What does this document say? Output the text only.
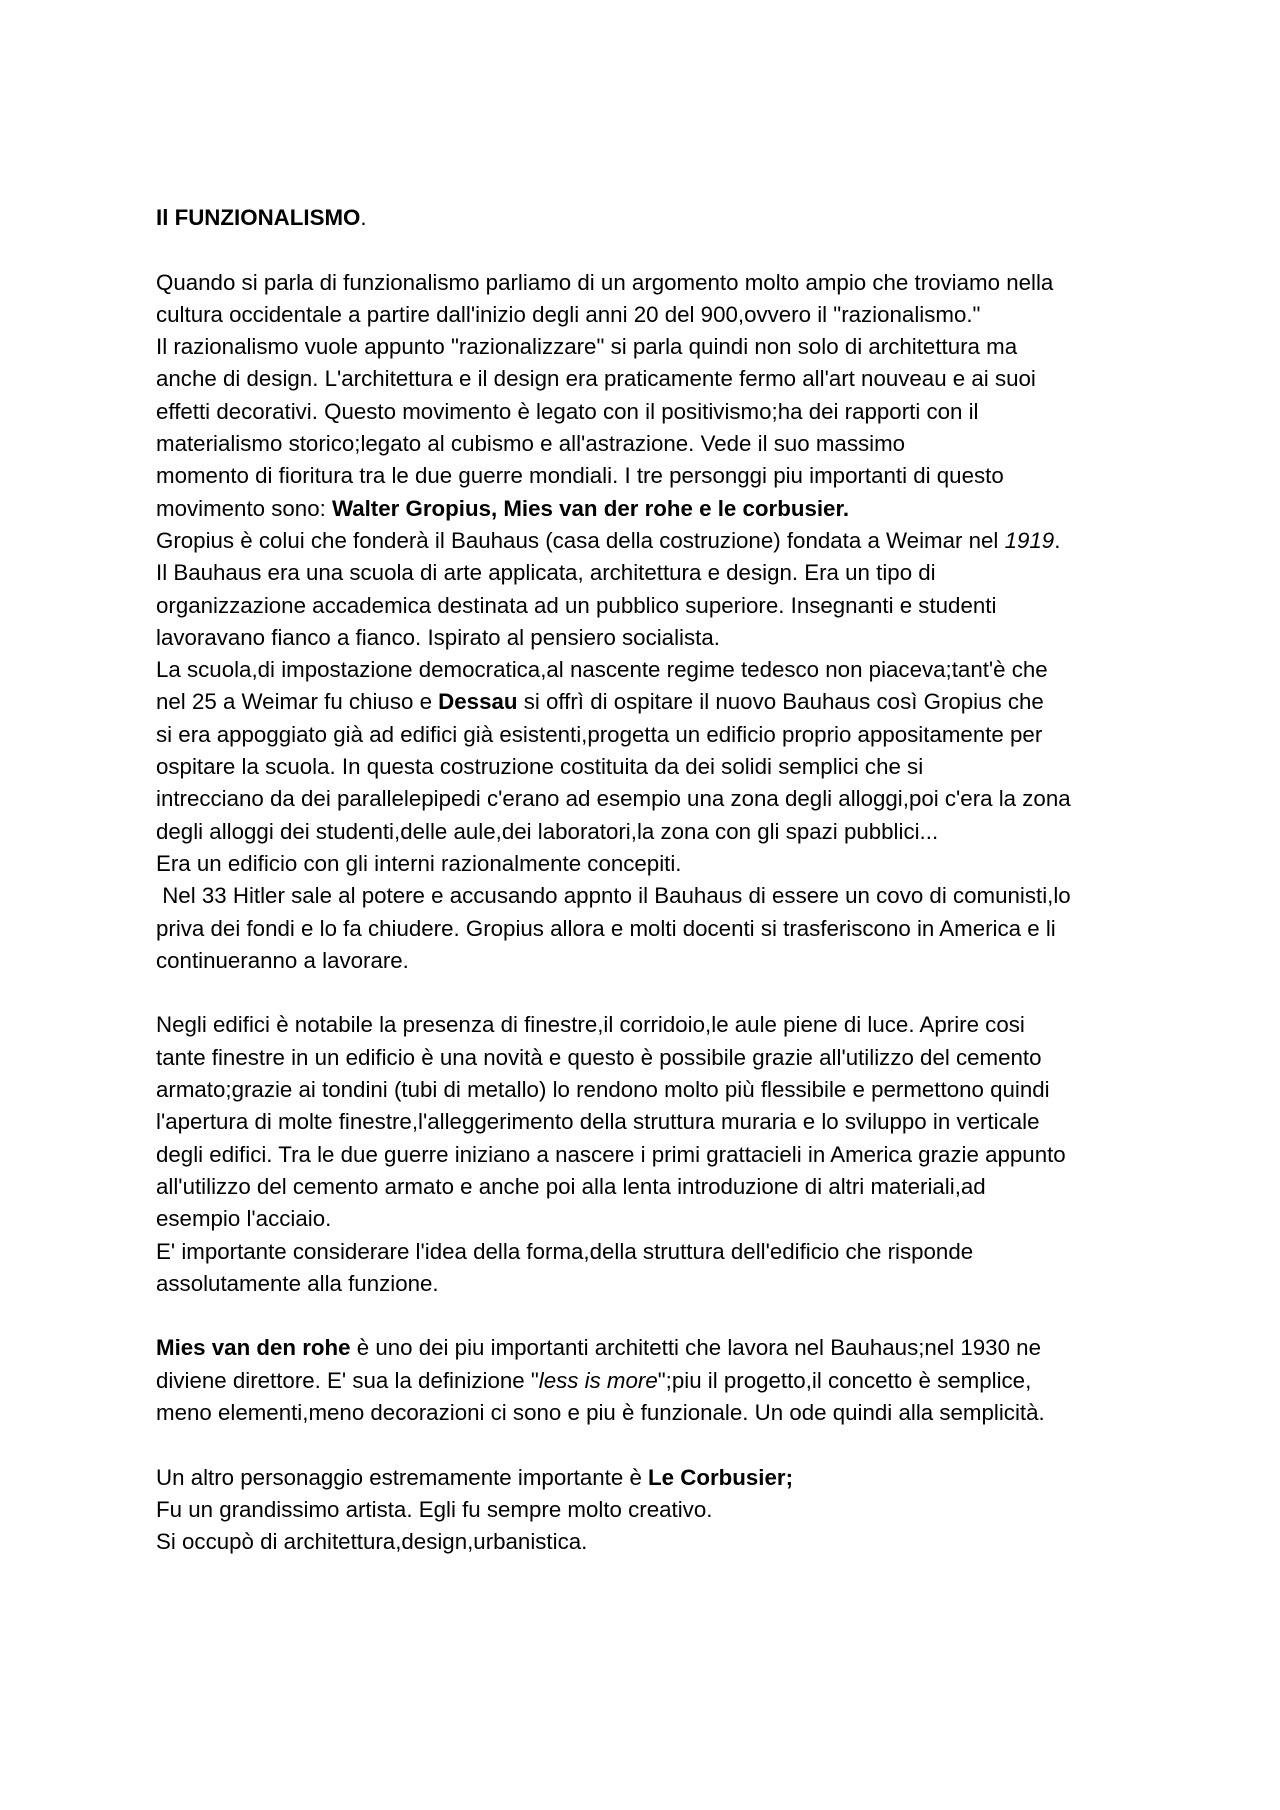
Il FUNZIONALISMO.

Quando si parla di funzionalismo parliamo di un argomento molto ampio che troviamo nella

cultura occidentale a partire dall'inizio degli anni 20 del 900,ovvero il "razionalismo."

Il razionalismo vuole appunto "razionalizzare" si parla quindi non solo di architettura ma

anche di design. L'architettura e il design era praticamente fermo all'art nouveau e ai suoi

effetti decorativi. Questo movimento è legato con il positivismo;ha dei rapporti con il

materialismo storico;legato al cubismo e all'astrazione. Vede il suo massimo

momento di fioritura tra le due guerre mondiali. I tre personggi piu importanti di questo

movimento sono: Walter Gropius, Mies van der rohe e le corbusier.

Gropius è colui che fonderà il Bauhaus (casa della costruzione) fondata a Weimar nel 1919.

Il Bauhaus era una scuola di arte applicata, architettura e design. Era un tipo di

organizzazione accademica destinata ad un pubblico superiore. Insegnanti e studenti

lavoravano fianco a fianco. Ispirato al pensiero socialista.

La scuola,di impostazione democratica,al nascente regime tedesco non piaceva;tant'è che

nel 25 a Weimar fu chiuso e Dessau si offrì di ospitare il nuovo Bauhaus così Gropius che

si era appoggiato già ad edifici già esistenti,progetta un edificio proprio appositamente per

ospitare la scuola. In questa costruzione costituita da dei solidi semplici che si

intrecciano da dei parallelepipedi c'erano ad esempio una zona degli alloggi,poi c'era la zona

degli alloggi dei studenti,delle aule,dei laboratori,la zona con gli spazi pubblici...

Era un edificio con gli interni razionalmente concepiti.

Nel 33 Hitler sale al potere e accusando appnto il Bauhaus di essere un covo di comunisti,lo

priva dei fondi e lo fa chiudere. Gropius allora e molti docenti si trasferiscono in America e li

continueranno a lavorare.

Negli edifici è notabile la presenza di finestre,il corridoio,le aule piene di luce. Aprire cosi

tante finestre in un edificio è una novità e questo è possibile grazie all'utilizzo del cemento

armato;grazie ai tondini (tubi di metallo) lo rendono molto più flessibile e permettono quindi

l'apertura di molte finestre,l'alleggerimento della struttura muraria e lo sviluppo in verticale

degli edifici. Tra le due guerre iniziano a nascere i primi grattacieli in America grazie appunto

all'utilizzo del cemento armato e anche poi alla lenta introduzione di altri materiali,ad

esempio l'acciaio.

E' importante considerare l'idea della forma,della struttura dell'edificio che risponde

assolutamente alla funzione.

Mies van den rohe è uno dei piu importanti architetti che lavora nel Bauhaus;nel 1930 ne

diviene direttore. E' sua la definizione "less is more";piu il progetto,il concetto è semplice,

meno elementi,meno decorazioni ci sono e piu è funzionale. Un ode quindi alla semplicità.

Un altro personaggio estremamente importante è Le Corbusier;

Fu un grandissimo artista. Egli fu sempre molto creativo.

Si occupò di architettura,design,urbanistica.
